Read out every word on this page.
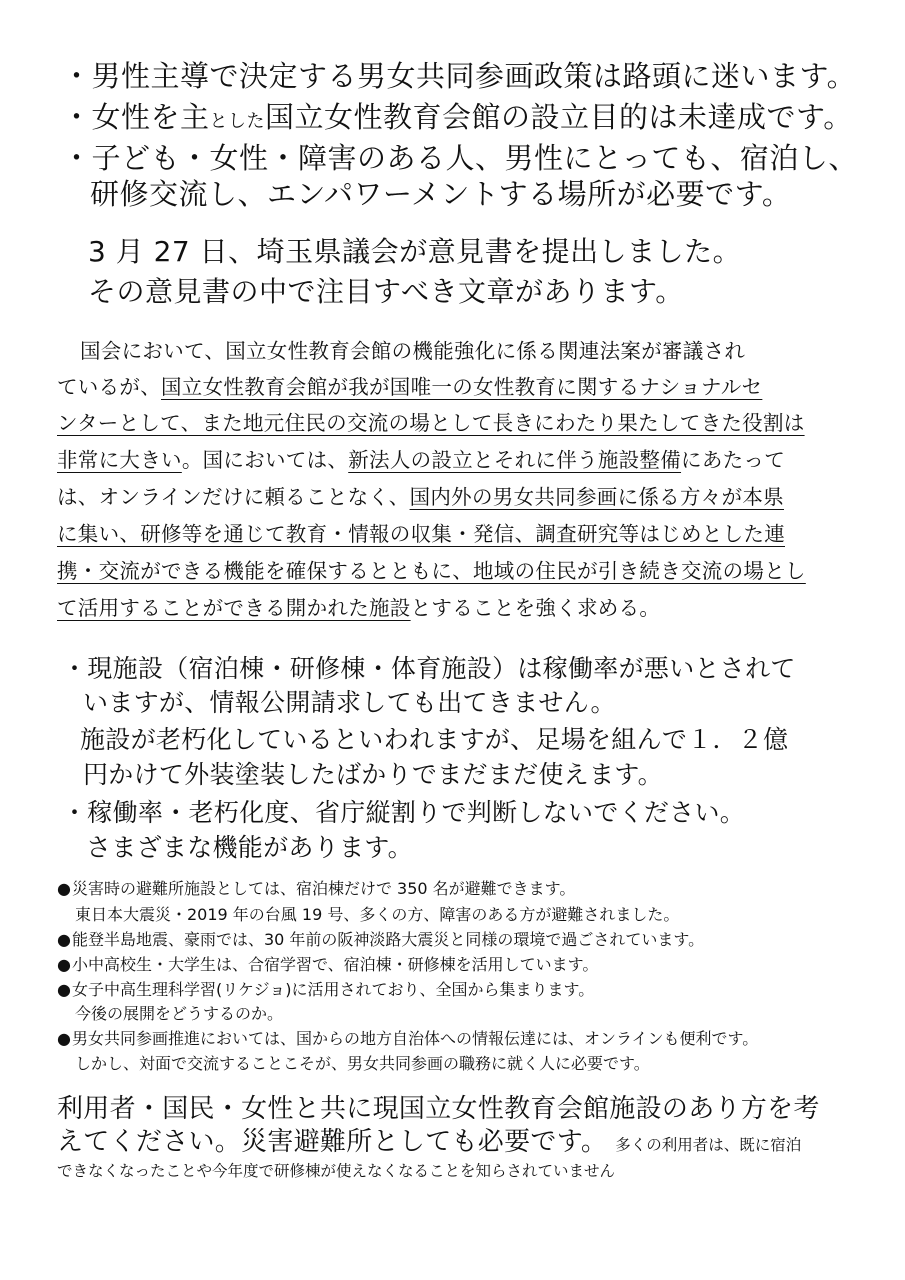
・男性主導で決定する男女共同参画政策は路頭に迷います。
・女性を主とした国立女性教育会館の設立目的は未達成です。
・子ども・女性・障害のある人、男性にとっても、宿泊し、
研修交流し、エンパワーメントする場所が必要です。
3 月 27 日、埼玉県議会が意見書を提出しました。
その意見書の中で注目すべき文章があります。
国会において、国立女性教育会館の機能強化に係る関連法案が審議され
ているが、国立女性教育会館が我が国唯一の女性教育に関するナショナルセ
ンターとして、また地元住民の交流の場として長きにわたり果たしてきた役割は
非常に大きい。国においては、新法人の設立とそれに伴う施設整備にあたって
は、オンラインだけに頼ることなく、国内外の男女共同参画に係る方々が本県
に集い、研修等を通じて教育・情報の収集・発信、調査研究等はじめとした連
携・交流ができる機能を確保するとともに、地域の住民が引き続き交流の場とし
て活用することができる開かれた施設とすることを強く求める。
・現施設（宿泊棟・研修棟・体育施設）は稼働率が悪いとされて
いますが、情報公開請求しても出てきません。
施設が老朽化しているといわれますが、足場を組んで１．２億
円かけて外装塗装したばかりでまだまだ使えます。
・稼働率・老朽化度、省庁縦割りで判断しないでください。
さまざまな機能があります。
●災害時の避難所施設としては、宿泊棟だけで 350 名が避難できます。
東日本大震災・2019 年の台風 19 号、多くの方、障害のある方が避難されました。
●能登半島地震、豪雨では、30 年前の阪神淡路大震災と同様の環境で過ごされています。
●小中高校生・大学生は、合宿学習で、宿泊棟・研修棟を活用しています。
●女子中高生理科学習(リケジョ)に活用されており、全国から集まります。
今後の展開をどうするのか。
●男女共同参画推進においては、国からの地方自治体への情報伝達には、オンラインも便利です。
しかし、対面で交流することこそが、男女共同参画の職務に就く人に必要です。
利用者・国民・女性と共に現国立女性教育会館施設のあり方を考
えてください。災害避難所としても必要です。 多くの利用者は、既に宿泊
できなくなったことや今年度で研修棟が使えなくなることを知らされていません
